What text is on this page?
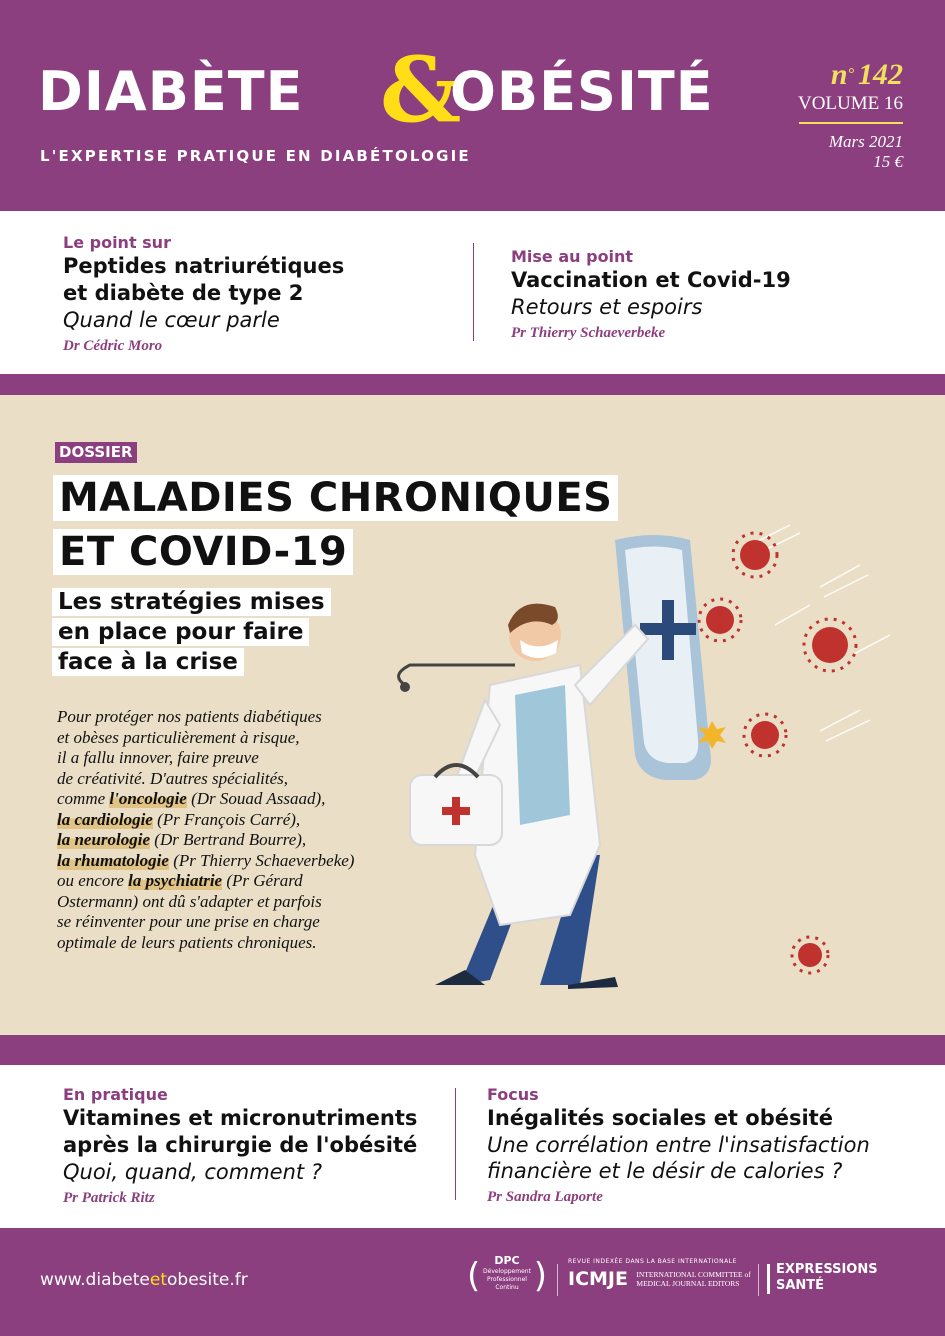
DIABÈTE &
OBÉSITÉ
L'EXPERTISE PRATIQUE EN DIABÉTOLOGIE
n° 142
VOLUME 16
Mars 2021
15 €
Le point sur
Peptides natriurétiques
et diabète de type 2
Quand le cœur parle
Dr Cédric Moro
Mise au point
Vaccination et Covid-19
Retours et espoirs
Pr Thierry Schaeverbeke
DOSSIER
MALADIES CHRONIQUES
ET COVID-19
Les stratégies mises
en place pour faire
face à la crise

Pour protéger nos patients diabétiques

et obèses particulièrement à risque,

il a fallu innover, faire preuve

de créativité. D'autres spécialités,

comme l'oncologie (Dr Souad Assaad),

la cardiologie (Pr François Carré),

la neurologie (Dr Bertrand Bourre),

la rhumatologie (Pr Thierry Schaeverbeke)

ou encore la psychiatrie (Pr Gérard

Ostermann) ont dû s'adapter et parfois

se réinventer pour une prise en charge

optimale de leurs patients chroniques.

En pratique
Vitamines et micronutriments
après la chirurgie de l'obésité
Quoi, quand, comment ?
Pr Patrick Ritz
Focus
Inégalités sociales et obésité
Une corrélation entre l'insatisfaction
financière et le désir de calories ?
Pr Sandra Laporte
www.diabeteetobesite.fr	(	DPC
Développement
Professionnel
Continu )	REVUE INDEXÉE DANS LA BASE INTERNATIONALE
ICMJE INTERNATIONAL COMMITTEE of
MEDICAL JOURNAL EDITORS
EXPRESSIONS
SANTÉ
